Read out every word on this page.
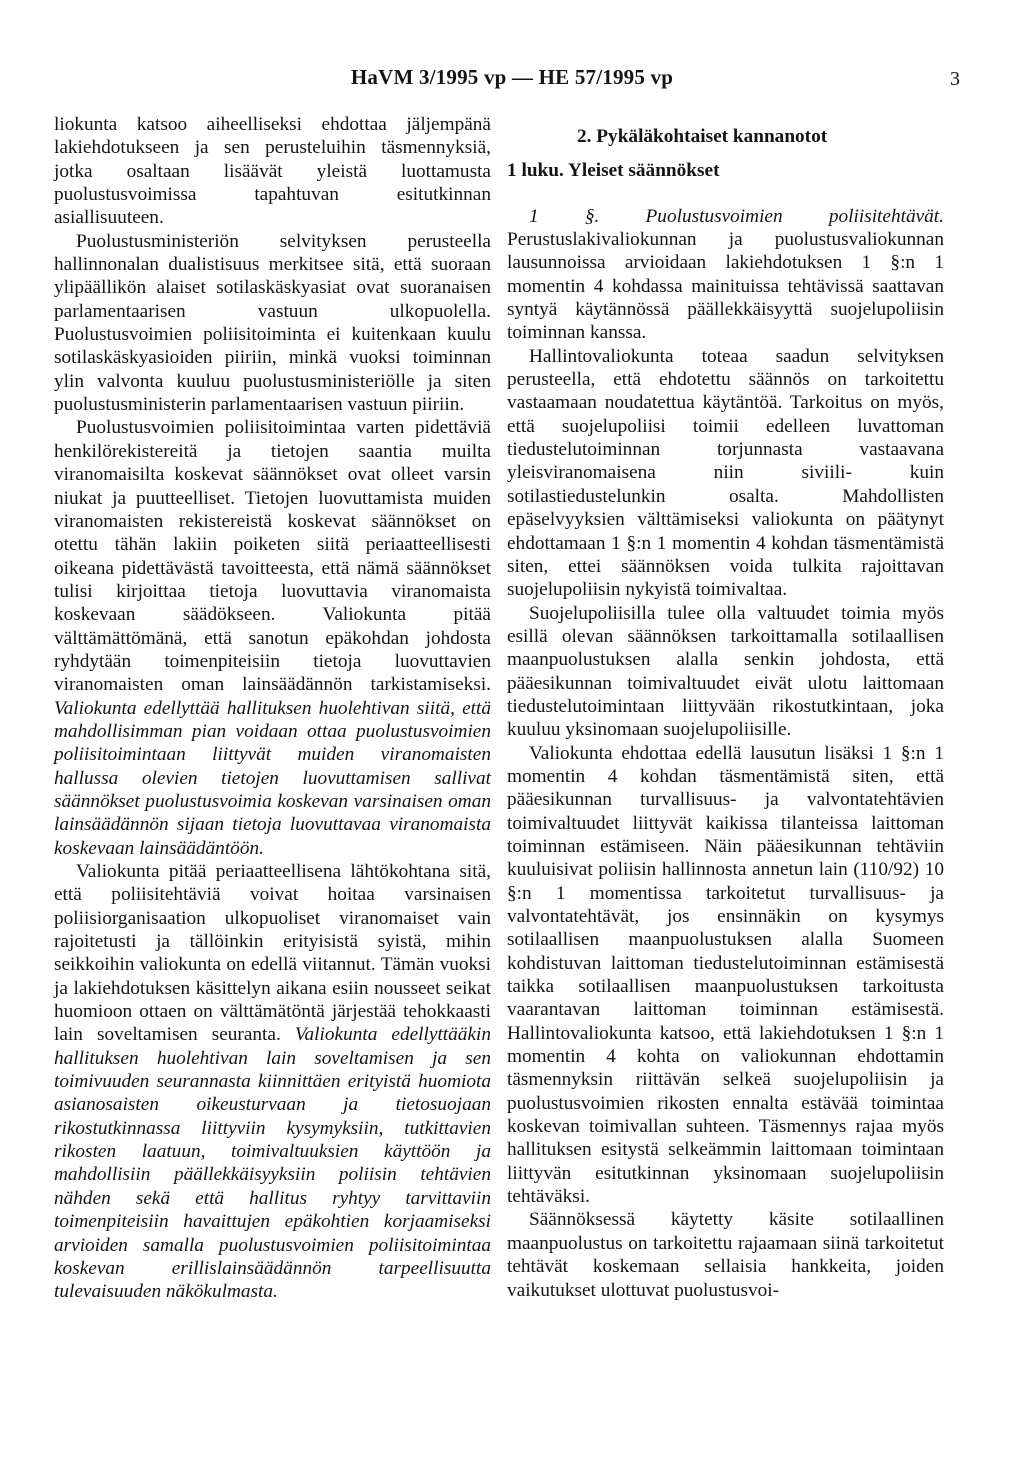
HaVM 3/1995 vp — HE 57/1995 vp	3

liokunta katsoo aiheelliseksi ehdottaa jäljempänä lakiehdotukseen ja sen perusteluihin täsmennyksiä, jotka osaltaan lisäävät yleistä luottamusta puolustusvoimissa tapahtuvan esitutkinnan asiallisuuteen.

Puolustusministeriön selvityksen perusteella hallinnonalan dualistisuus merkitsee sitä, että suoraan ylipäällikön alaiset sotilaskäskyasiat ovat suoranaisen parlamentaarisen vastuun ulkopuolella. Puolustusvoimien poliisitoiminta ei kuitenkaan kuulu sotilaskäskyasioiden piiriin, minkä vuoksi toiminnan ylin valvonta kuuluu puolustusministeriölle ja siten puolustusministerin parlamentaarisen vastuun piiriin.

Puolustusvoimien poliisitoimintaa varten pidettäviä henkilörekistereitä ja tietojen saantia muilta viranomaisilta koskevat säännökset ovat olleet varsin niukat ja puutteelliset. Tietojen luovuttamista muiden viranomaisten rekistereistä koskevat säännökset on otettu tähän lakiin poiketen siitä periaatteellisesti oikeana pidettävästä tavoitteesta, että nämä säännökset tulisi kirjoittaa tietoja luovuttavia viranomaista koskevaan säädökseen. Valiokunta pitää välttämättömänä, että sanotun epäkohdan johdosta ryhdytään toimenpiteisiin tietoja luovuttavien viranomaisten oman lainsäädännön tarkistamiseksi. Valiokunta edellyttää hallituksen huolehtivan siitä, että mahdollisimman pian voidaan ottaa puolustusvoimien poliisitoimintaan liittyvät muiden viranomaisten hallussa olevien tietojen luovuttamisen sallivat säännökset puolustusvoimia koskevan varsinaisen oman lainsäädännön sijaan tietoja luovuttavaa viranomaista koskevaan lainsäädäntöön.

Valiokunta pitää periaatteellisena lähtökohtana sitä, että poliisitehtäviä voivat hoitaa varsinaisen poliisiorganisaation ulkopuoliset viranomaiset vain rajoitetusti ja tällöinkin erityisistä syistä, mihin seikkoihin valiokunta on edellä viitannut. Tämän vuoksi ja lakiehdotuksen käsittelyn aikana esiin nousseet seikat huomioon ottaen on välttämätöntä järjestää tehokkaasti lain soveltamisen seuranta. Valiokunta edellyttääkin hallituksen huolehtivan lain soveltamisen ja sen toimivuuden seurannasta kiinnittäen erityistä huomiota asianosaisten oikeusturvaan ja tietosuojaan rikostutkinnassa liittyviin kysymyksiin, tutkittavien rikosten laatuun, toimivaltuuksien käyttöön ja mahdollisiin päällekkäisyyksiin poliisin tehtävien nähden sekä että hallitus ryhtyy tarvittaviin toimenpiteisiin havaittujen epäkohtien korjaamiseksi arvioiden samalla puolustusvoimien poliisitoimintaa koskevan erillislainsäädännön tarpeellisuutta tulevaisuuden näkökulmasta.

2. Pykäläkohtaiset kannanotot

1 luku. Yleiset säännökset

1 §. Puolustusvoimien poliisitehtävät. Perustuslakivaliokunnan ja puolustusvaliokunnan lausunnoissa arvioidaan lakiehdotuksen 1 §:n 1 momentin 4 kohdassa mainituissa tehtävissä saattavan syntyä käytännössä päällekkäisyyttä suojelupoliisin toiminnan kanssa.

Hallintovaliokunta toteaa saadun selvityksen perusteella, että ehdotettu säännös on tarkoitettu vastaamaan noudatettua käytäntöä. Tarkoitus on myös, että suojelupoliisi toimii edelleen luvattoman tiedustelutoiminnan torjunnasta vastaavana yleisviranomaisena niin siviili- kuin sotilastiedustelunkin osalta. Mahdollisten epäselvyyksien välttämiseksi valiokunta on päätynyt ehdottamaan 1 §:n 1 momentin 4 kohdan täsmentämistä siten, ettei säännöksen voida tulkita rajoittavan suojelupoliisin nykyistä toimivaltaa.

Suojelupoliisilla tulee olla valtuudet toimia myös esillä olevan säännöksen tarkoittamalla sotilaallisen maanpuolustuksen alalla senkin johdosta, että pääesikunnan toimivaltuudet eivät ulotu laittomaan tiedustelutoimintaan liittyvään rikostutkintaan, joka kuuluu yksinomaan suojelupoliisille.

Valiokunta ehdottaa edellä lausutun lisäksi 1 §:n 1 momentin 4 kohdan täsmentämistä siten, että pääesikunnan turvallisuus- ja valvontatehtävien toimivaltuudet liittyvät kaikissa tilanteissa laittoman toiminnan estämiseen. Näin pääesikunnan tehtäviin kuuluisivat poliisin hallinnosta annetun lain (110/92) 10 §:n 1 momentissa tarkoitetut turvallisuus- ja valvontatehtävät, jos ensinnäkin on kysymys sotilaallisen maanpuolustuksen alalla Suomeen kohdistuvan laittoman tiedustelutoiminnan estämisestä taikka sotilaallisen maanpuolustuksen tarkoitusta vaarantavan laittoman toiminnan estämisestä. Hallintovaliokunta katsoo, että lakiehdotuksen 1 §:n 1 momentin 4 kohta on valiokunnan ehdottamin täsmennyksin riittävän selkeä suojelupoliisin ja puolustusvoimien rikosten ennalta estävää toimintaa koskevan toimivallan suhteen. Täsmennys rajaa myös hallituksen esitystä selkeämmin laittomaan toimintaan liittyvän esitutkinnan yksinomaan suojelupoliisin tehtäväksi.

Säännöksessä käytetty käsite sotilaallinen maanpuolustus on tarkoitettu rajaamaan siinä tarkoitetut tehtävät koskemaan sellaisia hankkeita, joiden vaikutukset ulottuvat puolustusvoi-
